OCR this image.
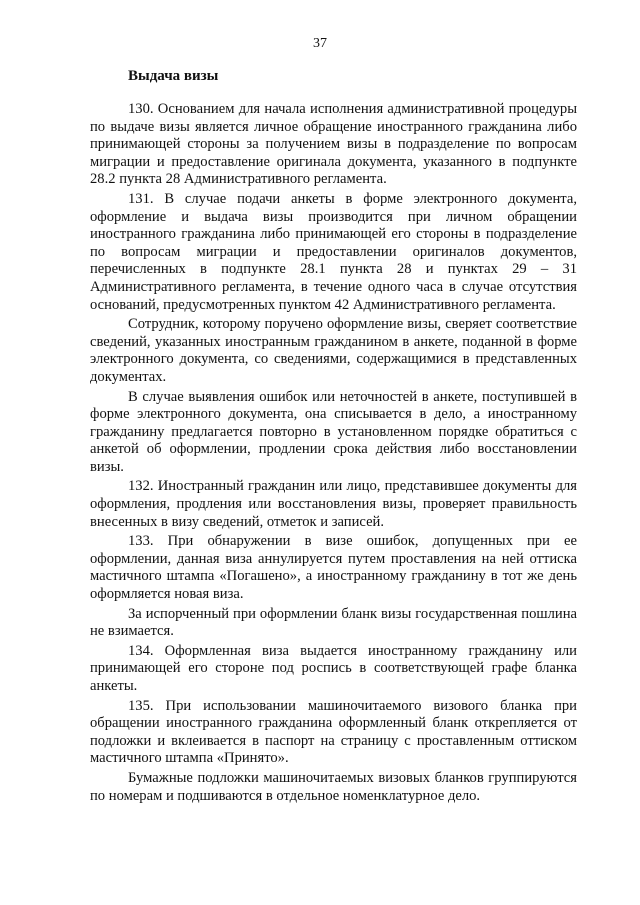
37
Выдача визы

130. Основанием для начала исполнения административной процедуры по выдаче визы является личное обращение иностранного гражданина либо принимающей стороны за получением визы в подразделение по вопросам миграции и предоставление оригинала документа, указанного в подпункте 28.2 пункта 28 Административного регламента.

131. В случае подачи анкеты в форме электронного документа, оформление и выдача визы производится при личном обращении иностранного гражданина либо принимающей его стороны в подразделение по вопросам миграции и предоставлении оригиналов документов, перечисленных в подпункте 28.1 пункта 28 и пунктах 29 – 31 Административного регламента, в течение одного часа в случае отсутствия оснований, предусмотренных пунктом 42 Административного регламента.

Сотрудник, которому поручено оформление визы, сверяет соответствие сведений, указанных иностранным гражданином в анкете, поданной в форме электронного документа, со сведениями, содержащимися в представленных документах.

В случае выявления ошибок или неточностей в анкете, поступившей в форме электронного документа, она списывается в дело, а иностранному гражданину предлагается повторно в установленном порядке обратиться с анкетой об оформлении, продлении срока действия либо восстановлении визы.

132. Иностранный гражданин или лицо, представившее документы для оформления, продления или восстановления визы, проверяет правильность внесенных в визу сведений, отметок и записей.

133. При обнаружении в визе ошибок, допущенных при ее оформлении, данная виза аннулируется путем проставления на ней оттиска мастичного штампа «Погашено», а иностранному гражданину в тот же день оформляется новая виза.

За испорченный при оформлении бланк визы государственная пошлина не взимается.

134. Оформленная виза выдается иностранному гражданину или принимающей его стороне под роспись в соответствующей графе бланка анкеты.

135. При использовании машиночитаемого визового бланка при обращении иностранного гражданина оформленный бланк открепляется от подложки и вклеивается в паспорт на страницу с проставленным оттиском мастичного штампа «Принято».

Бумажные подложки машиночитаемых визовых бланков группируются по номерам и подшиваются в отдельное номенклатурное дело.
